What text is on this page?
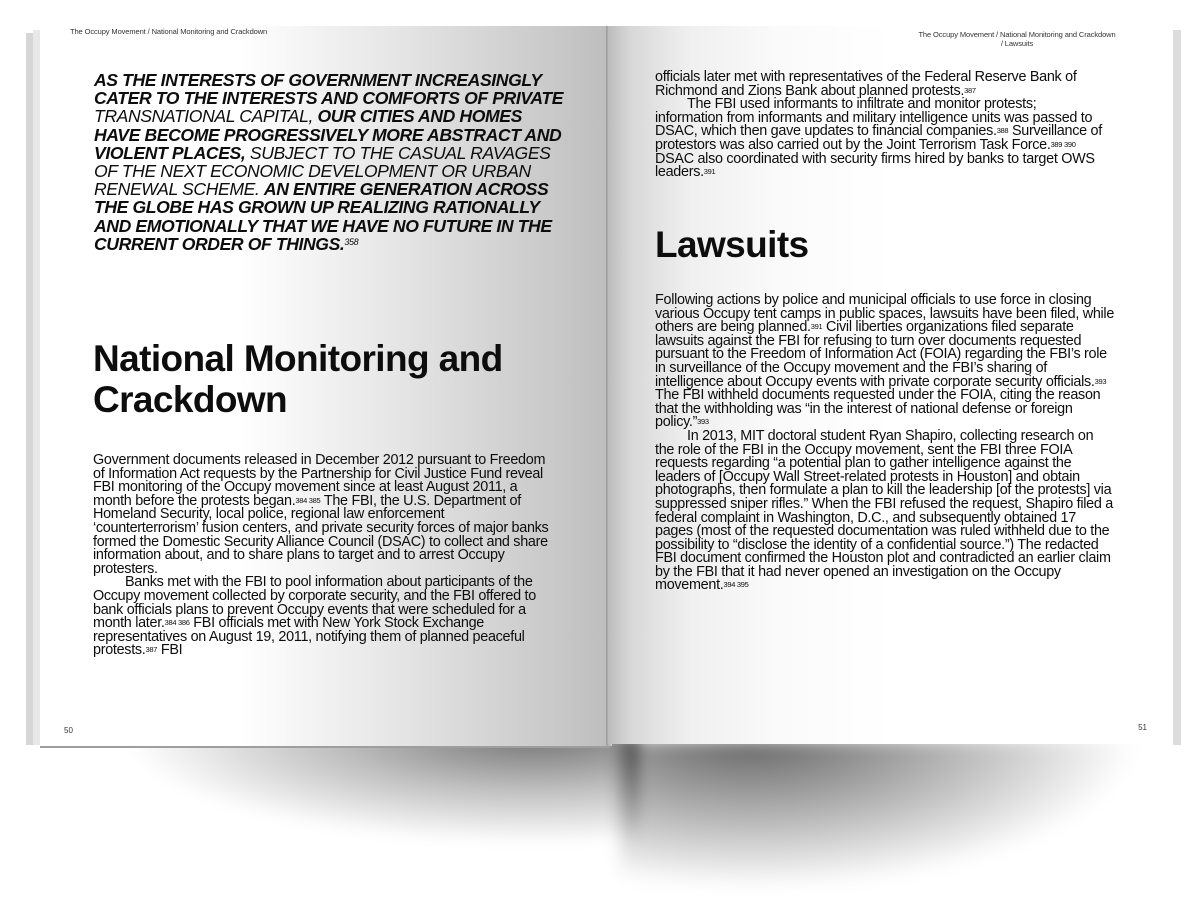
The Occupy Movement / National Monitoring and Crackdown
AS THE INTERESTS OF GOVERNMENT INCREASINGLY CATER TO THE INTERESTS AND COMFORTS OF PRIVATE TRANSNATIONAL CAPITAL, OUR CITIES AND HOMES HAVE BECOME PROGRESSIVELY MORE ABSTRACT AND VIOLENT PLACES, SUBJECT TO THE CASUAL RAVAGES OF THE NEXT ECONOMIC DEVELOPMENT OR URBAN RENEWAL SCHEME. AN ENTIRE GENERATION ACROSS THE GLOBE HAS GROWN UP REALIZING RATIONALLY AND EMOTIONALLY THAT WE HAVE NO FUTURE IN THE CURRENT ORDER OF THINGS.$^{358}$
National Monitoring and Crackdown

Government documents released in December 2012 pursuant to Freedom of Information Act requests by the Partnership for Civil Justice Fund reveal FBI monitoring of the Occupy movement since at least August 2011, a month before the protests began.$^{384 385}$ The FBI, the U.S. Department of Homeland Security, local police, regional law enforcement ‘counterterrorism’ fusion centers, and private security forces of major banks formed the Domestic Security Alliance Council (DSAC) to collect and share information about, and to share plans to target and to arrest Occupy protesters.

Banks met with the FBI to pool information about participants of the Occupy movement collected by corporate security, and the FBI offered to bank officials plans to prevent Occupy events that were scheduled for a month later.$^{384 386}$ FBI officials met with New York Stock Exchange representatives on August 19, 2011, notifying them of planned peaceful protests.$^{387}$ FBI

50
The Occupy Movement / National Monitoring and Crackdown
/ Lawsuits

officials later met with representatives of the Federal Reserve Bank of Richmond and Zions Bank about planned protests.$^{387}$

The FBI used informants to infiltrate and monitor protests; information from informants and military intelligence units was passed to DSAC, which then gave updates to financial companies.$^{388}$ Surveillance of protestors was also carried out by the Joint Terrorism Task Force.$^{389 390}$ DSAC also coordinated with security firms hired by banks to target OWS leaders.$^{391}$

Lawsuits

Following actions by police and municipal officials to use force in closing various Occupy tent camps in public spaces, lawsuits have been filed, while others are being planned.$^{391}$ Civil liberties organizations filed separate lawsuits against the FBI for refusing to turn over documents requested pursuant to the Freedom of Information Act (FOIA) regarding the FBI’s role in surveillance of the Occupy movement and the FBI’s sharing of intelligence about Occupy events with private corporate security officials.$^{393}$ The FBI withheld documents requested under the FOIA, citing the reason that the withholding was “in the interest of national defense or foreign policy.”$^{393}$

In 2013, MIT doctoral student Ryan Shapiro, collecting research on the role of the FBI in the Occupy movement, sent the FBI three FOIA requests regarding “a potential plan to gather intelligence against the leaders of [Occupy Wall Street-related protests in Houston] and obtain photographs, then formulate a plan to kill the leadership [of the protests] via suppressed sniper rifles.” When the FBI refused the request, Shapiro filed a federal complaint in Washington, D.C., and subsequently obtained 17 pages (most of the requested documentation was ruled withheld due to the possibility to “disclose the identity of a confidential source.”) The redacted FBI document confirmed the Houston plot and contradicted an earlier claim by the FBI that it had never opened an investigation on the Occupy movement.$^{394 395}$

51
